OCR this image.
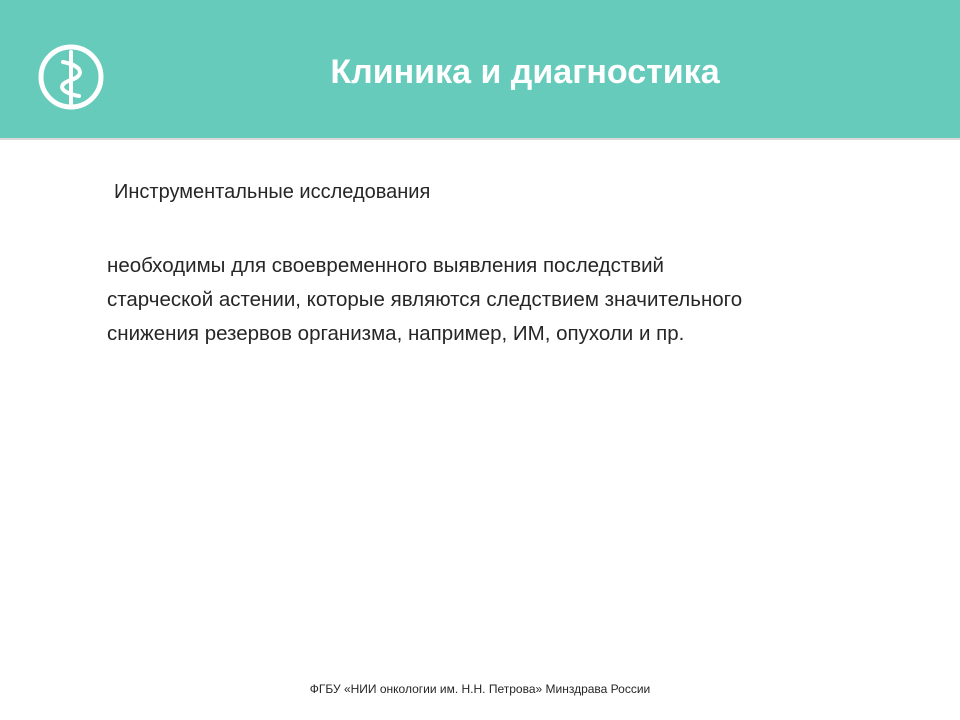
Клиника и диагностика
Инструментальные исследования
необходимы для своевременного выявления последствий
старческой астении, которые являются следствием значительного
снижения резервов организма, например, ИМ, опухоли и пр.
ФГБУ «НИИ онкологии им. Н.Н. Петрова» Минздрава России
